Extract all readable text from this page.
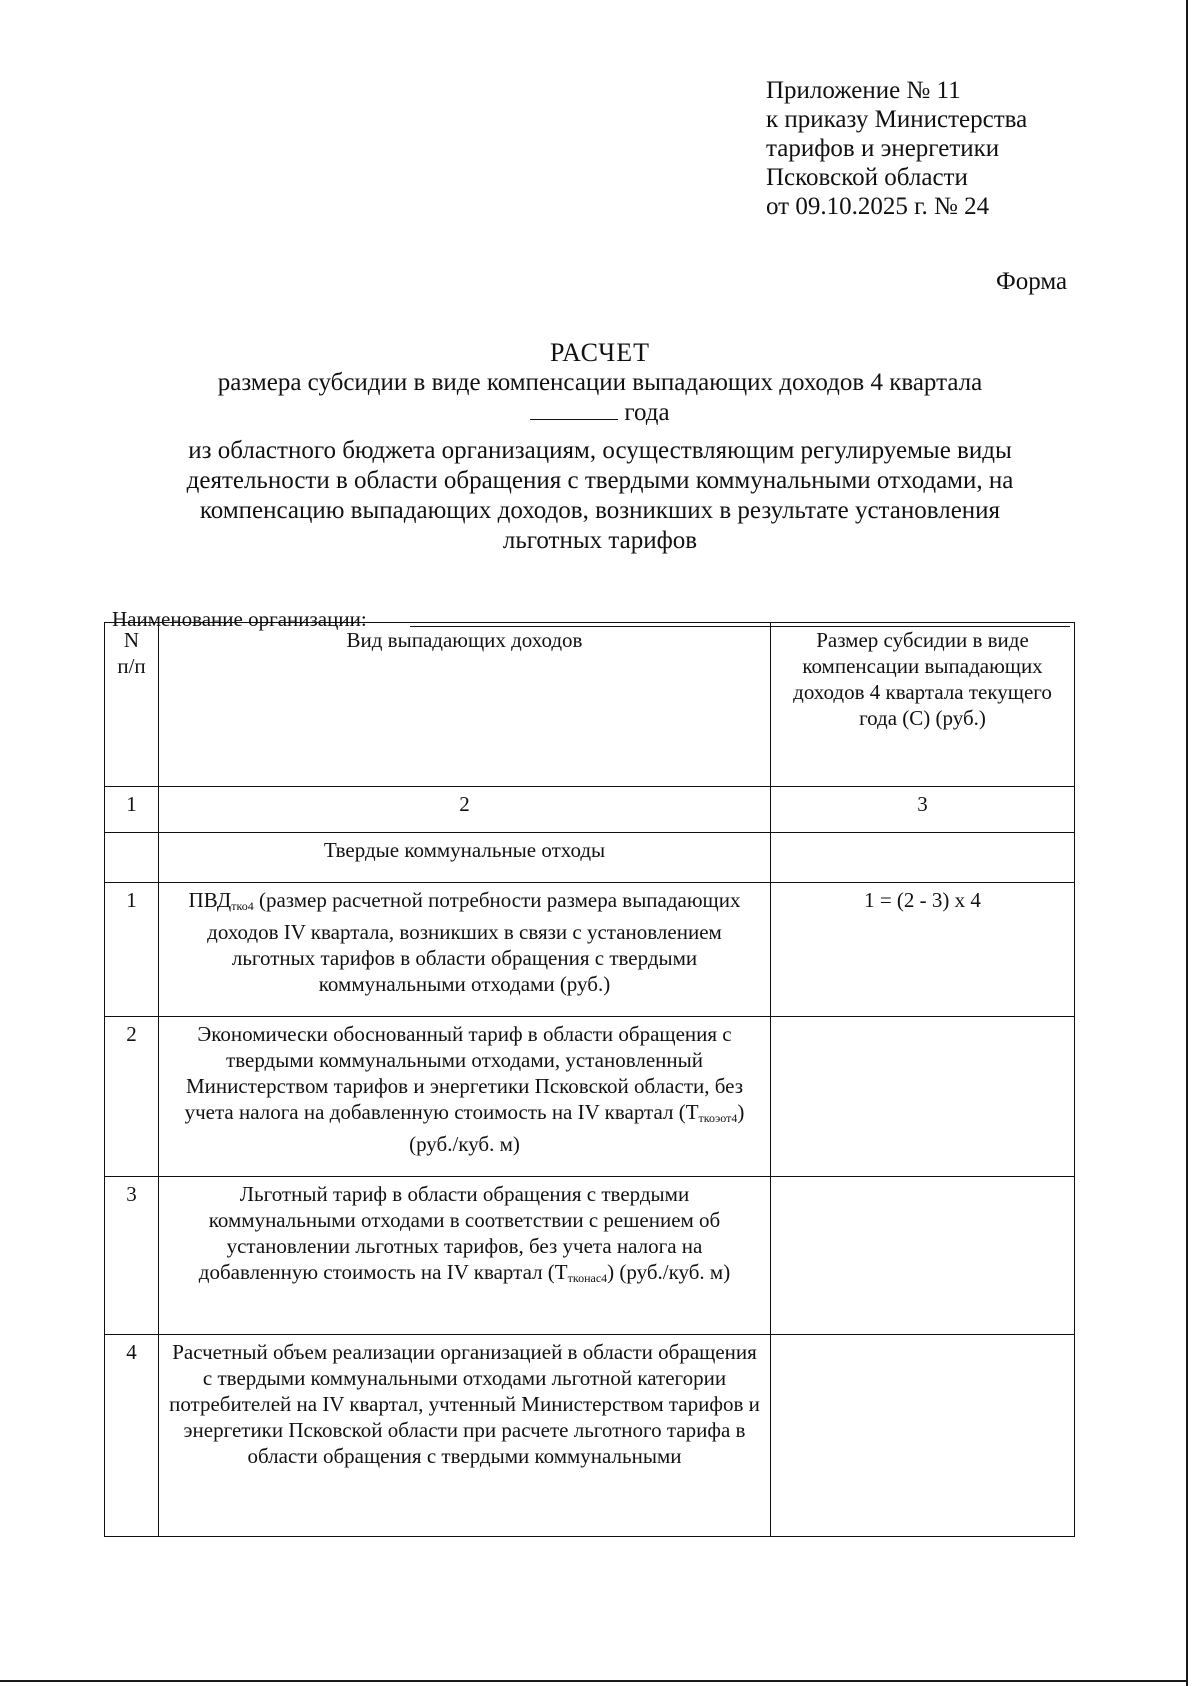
Приложение № 11
к приказу Министерства
тарифов и энергетики
Псковской области
от 09.10.2025 г. № 24
Форма
РАСЧЕТ
размера субсидии в виде компенсации выпадающих доходов 4 квартала
года
из областного бюджета организациям, осуществляющим регулируемые виды
деятельности в области обращения с твердыми коммунальными отходами, на
компенсацию выпадающих доходов, возникших в результате установления
льготных тарифов
Наименование организации:
N
п/п	Вид выпадающих доходов	Размер субсидии в виде компенсации выпадающих доходов 4 квартала текущего года (С) (руб.)
1	2	3
	Твердые коммунальные отходы	
1	$ПВД_{тко4}$ (размер расчетной потребности размера выпадающих доходов IV квартала, возникших в связи с установлением льготных тарифов в области обращения с твердыми коммунальными отходами (руб.)	1 = (2 - 3) х 4
2	Экономически обоснованный тариф в области обращения с твердыми коммунальными отходами, установленный Министерством тарифов и энергетики Псковской области, без учета налога на добавленную стоимость на IV квартал $(Т_{ткоэот4})$ (руб./куб. м)	
3	Льготный тариф в области обращения с твердыми коммунальными отходами в соответствии с решением об установлении льготных тарифов, без учета налога на добавленную стоимость на IV квартал $(Т_{тконас4})$ (руб./куб. м)	
4	Расчетный объем реализации организацией в области обращения с твердыми коммунальными отходами льготной категории потребителей на IV квартал, учтенный Министерством тарифов и энергетики Псковской области при расчете льготного тарифа в области обращения с твердыми коммунальными	
